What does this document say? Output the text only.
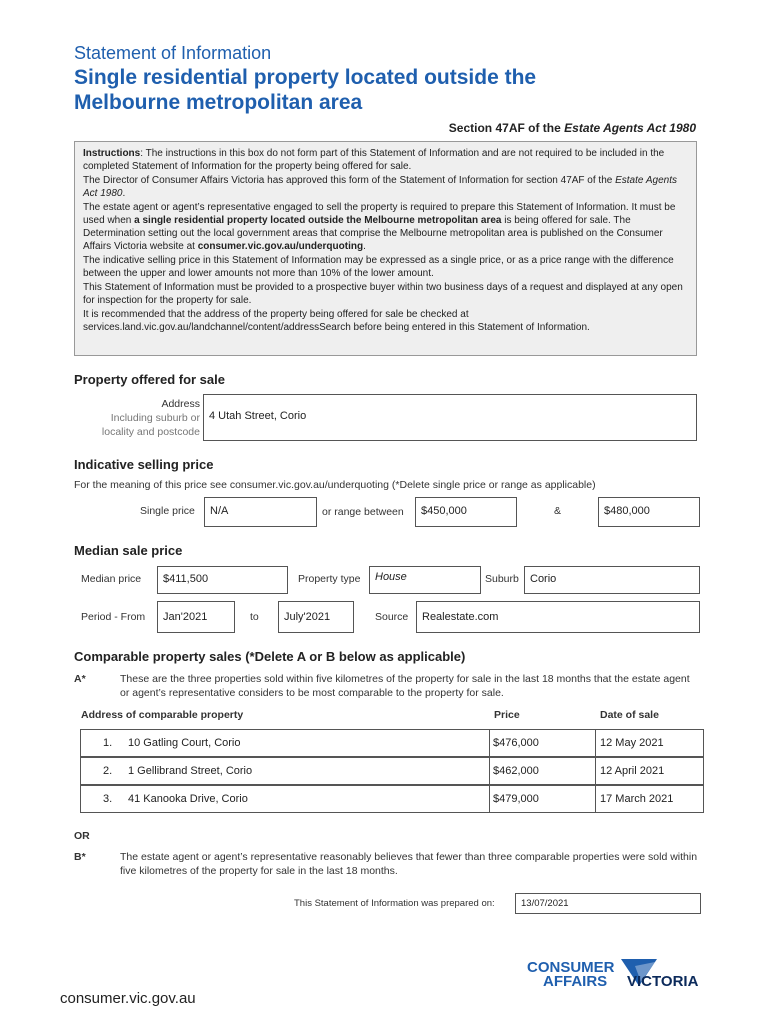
Statement of Information
Single residential property located outside the
Melbourne metropolitan area
Section 47AF of the Estate Agents Act 1980

Instructions: The instructions in this box do not form part of this Statement of Information and are not required to be included in the completed Statement of Information for the property being offered for sale.

The Director of Consumer Affairs Victoria has approved this form of the Statement of Information for section 47AF of the Estate Agents Act 1980.

The estate agent or agent’s representative engaged to sell the property is required to prepare this Statement of Information. It must be used when a single residential property located outside the Melbourne metropolitan area is being offered for sale. The Determination setting out the local government areas that comprise the Melbourne metropolitan area is published on the Consumer Affairs Victoria website at consumer.vic.gov.au/underquoting.

The indicative selling price in this Statement of Information may be expressed as a single price, or as a price range with the difference between the upper and lower amounts not more than 10% of the lower amount.

This Statement of Information must be provided to a prospective buyer within two business days of a request and displayed at any open for inspection for the property for sale.

It is recommended that the address of the property being offered for sale be checked at services.land.vic.gov.au/landchannel/content/addressSearch before being entered in this Statement of Information.

Property offered for sale
Address
Including suburb or
locality and postcode
4 Utah Street, Corio
Indicative selling price
For the meaning of this price see consumer.vic.gov.au/underquoting (*Delete single price or range as applicable)
Single price	N/A	or range between	$450,000	&	$480,000
Median sale price
Median price	$411,500	Property type	House	Suburb	Corio
Period - From	Jan'2021	to	July'2021	Source	Realestate.com
Comparable property sales (*Delete A or B below as applicable)
A*	These are the three properties sold within five kilometres of the property for sale in the last 18 months that the estate agent or agent’s representative considers to be most comparable to the property for sale.
Address of comparable property	Price	Date of sale
1. 10 Gatling Court, Corio	$476,000	12 May 2021
2. 1 Gellibrand Street, Corio	$462,000	12 April 2021
3. 41 Kanooka Drive, Corio	$479,000	17 March 2021
OR
B*	The estate agent or agent’s representative reasonably believes that fewer than three comparable properties were sold within five kilometres of the property for sale in the last 18 months.
This Statement of Information was prepared on:	13/07/2021
CONSUMER
AFFAIRS VICTORIA
consumer.vic.gov.au
